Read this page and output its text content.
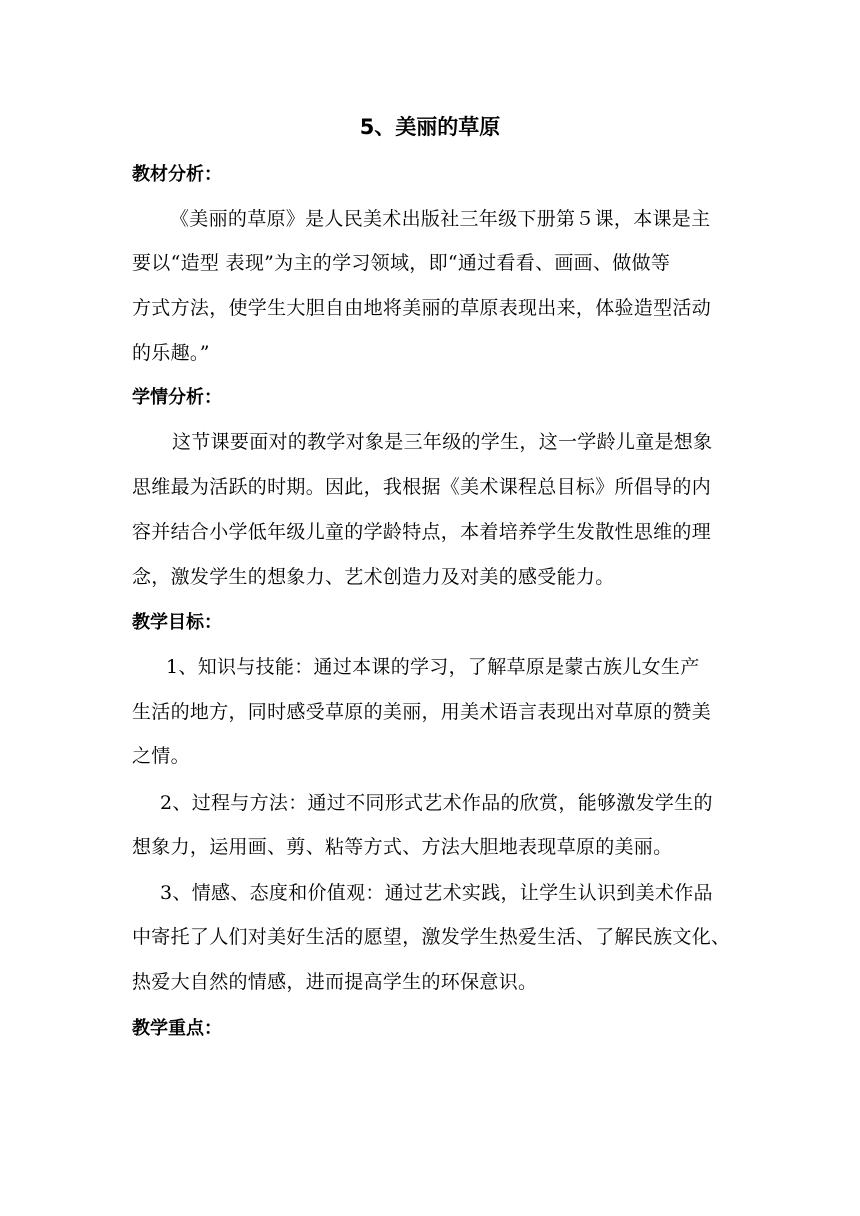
5、美丽的草原
教材分析：
《美丽的草原》是人民美术出版社三年级下册第５课，本课是主
要以“造型 表现”为主的学习领域，即“通过看看、画画、做做等
方式方法，使学生大胆自由地将美丽的草原表现出来，体验造型活动
的乐趣。”
学情分析：
这节课要面对的教学对象是三年级的学生，这一学龄儿童是想象
思维最为活跃的时期。因此，我根据《美术课程总目标》所倡导的内
容并结合小学低年级儿童的学龄特点，本着培养学生发散性思维的理
念，激发学生的想象力、艺术创造力及对美的感受能力。
教学目标：
1、知识与技能：通过本课的学习，了解草原是蒙古族儿女生产
生活的地方，同时感受草原的美丽，用美术语言表现出对草原的赞美
之情。
2、过程与方法：通过不同形式艺术作品的欣赏，能够激发学生的
想象力，运用画、剪、粘等方式、方法大胆地表现草原的美丽。
3、情感、态度和价值观：通过艺术实践，让学生认识到美术作品
中寄托了人们对美好生活的愿望，激发学生热爱生活、了解民族文化、
热爱大自然的情感，进而提高学生的环保意识。
教学重点：
